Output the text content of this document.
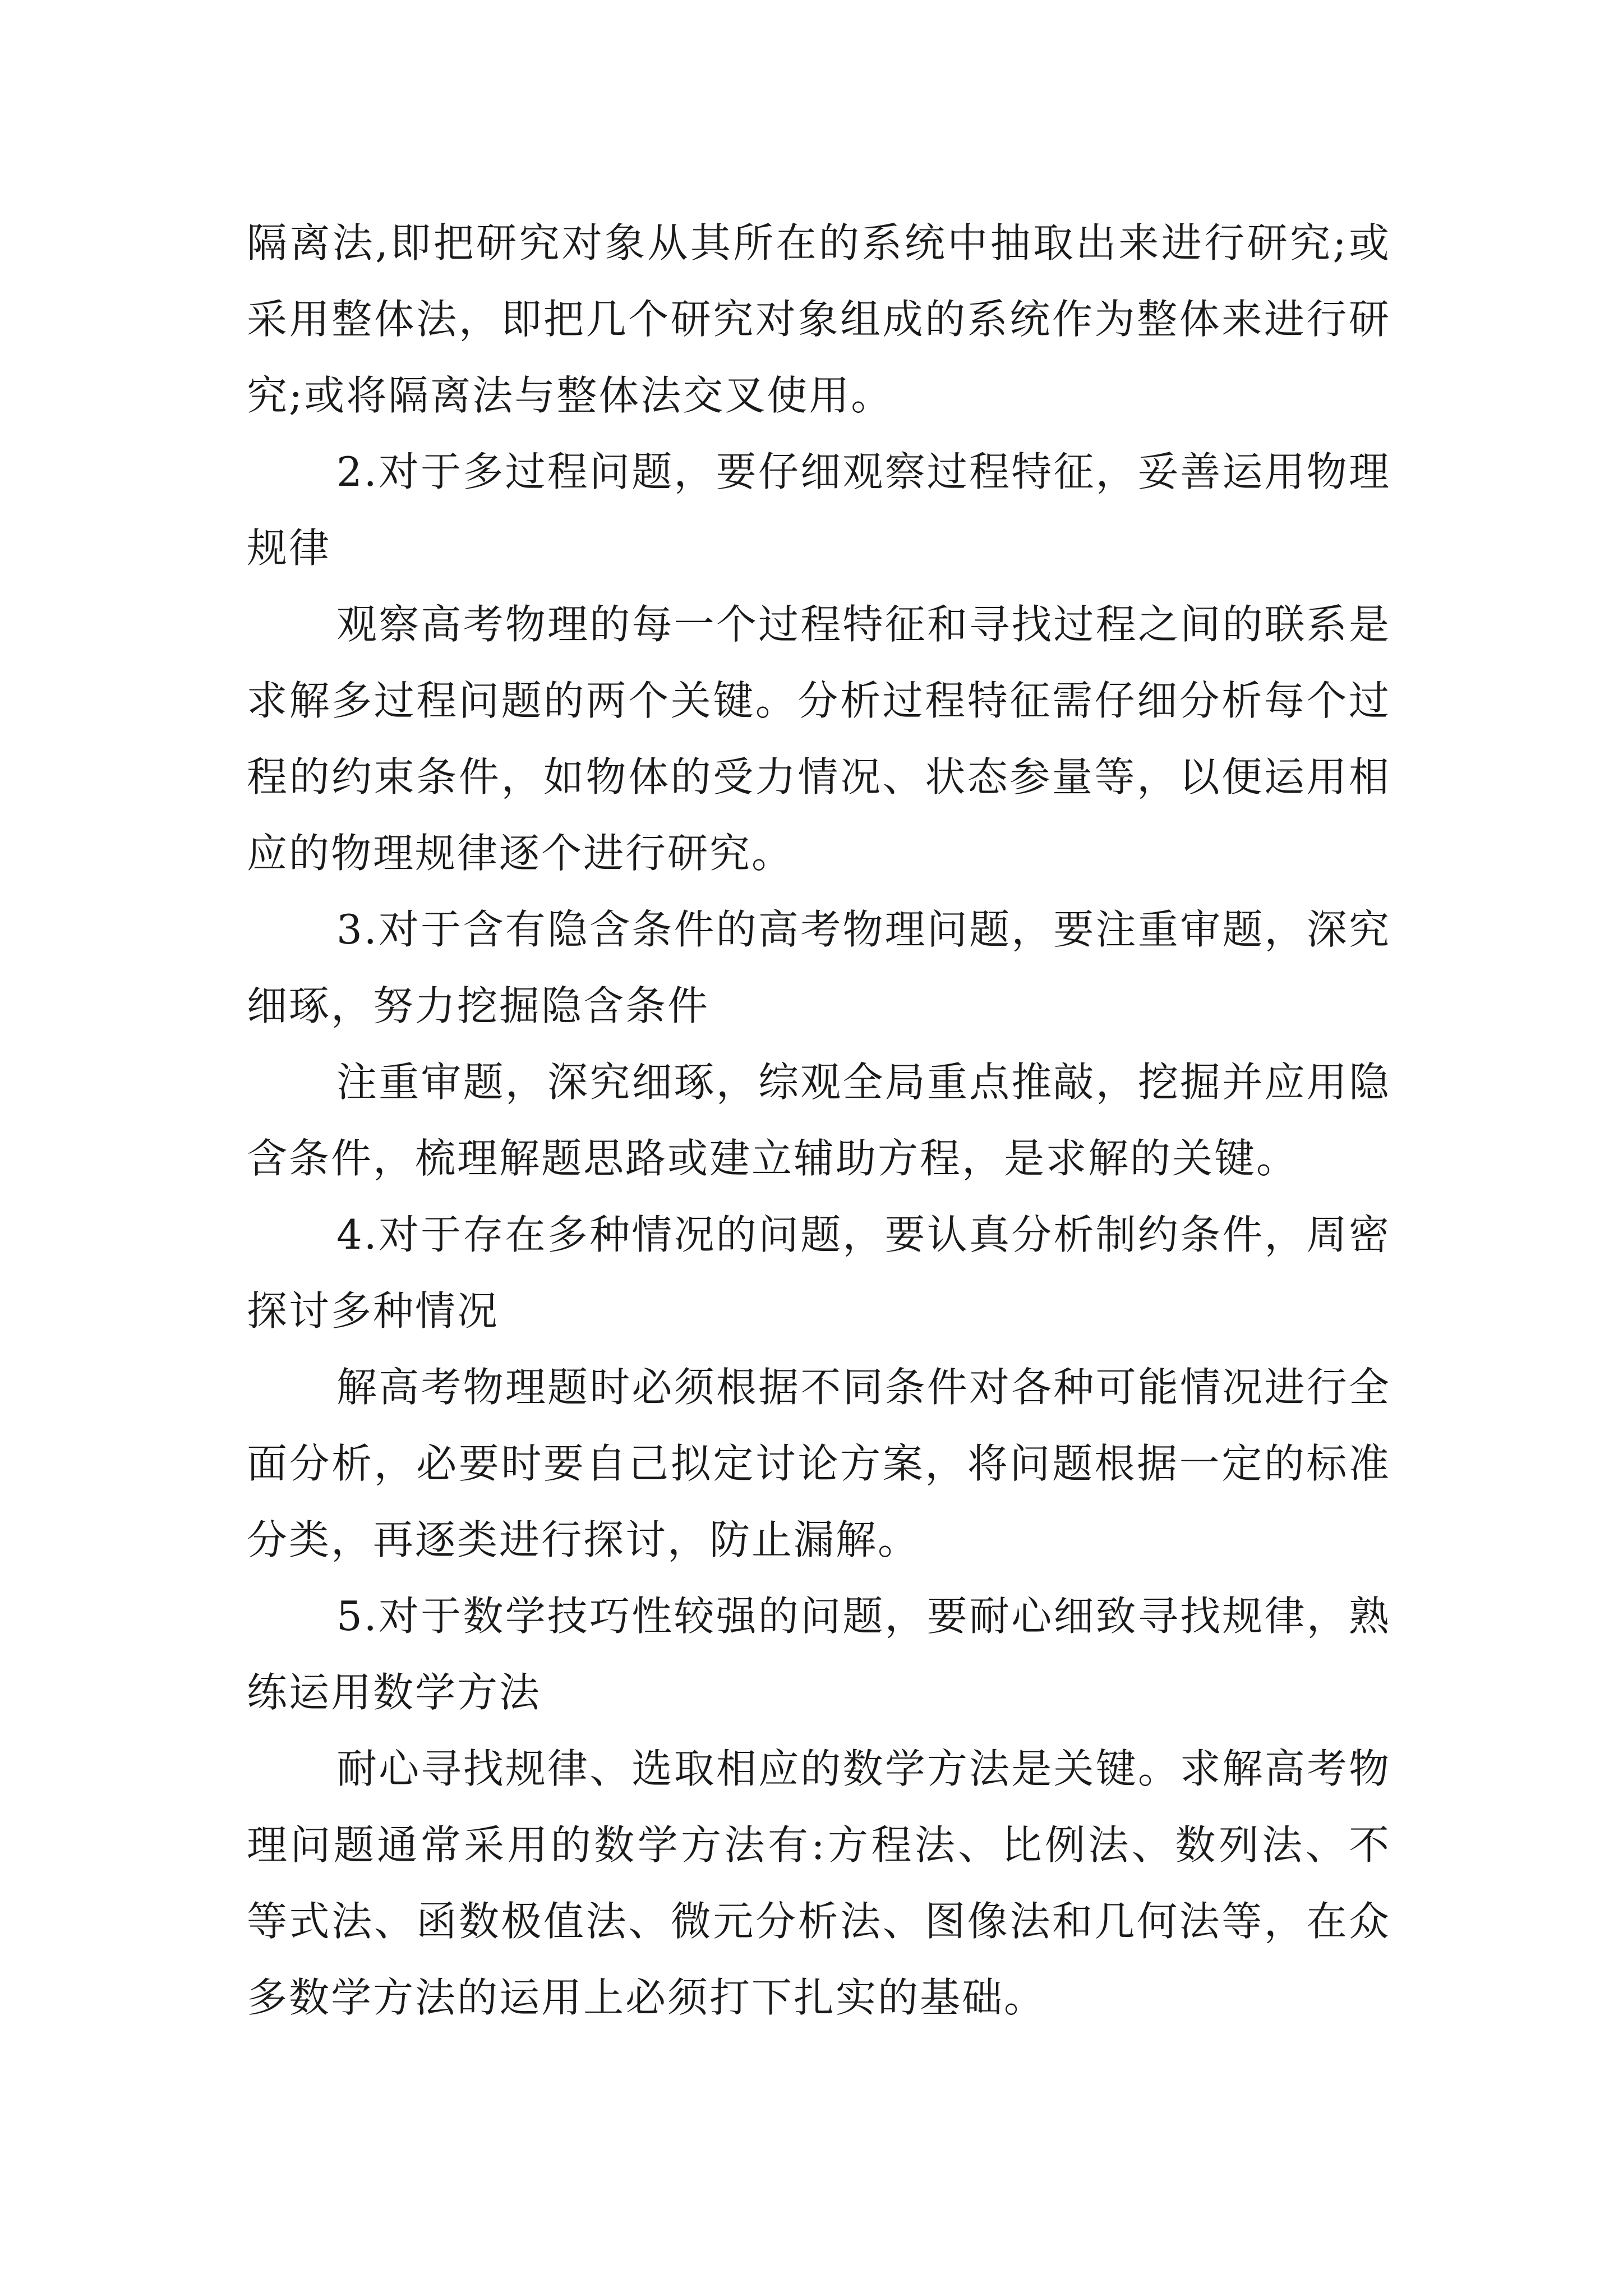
隔离法,即把研究对象从其所在的系统中抽取出来进行研究;或采用整体法，即把几个研究对象组成的系统作为整体来进行研究;或将隔离法与整体法交叉使用。

2.对于多过程问题，要仔细观察过程特征，妥善运用物理规律

观察高考物理的每一个过程特征和寻找过程之间的联系是求解多过程问题的两个关键。分析过程特征需仔细分析每个过程的约束条件，如物体的受力情况、状态参量等，以便运用相应的物理规律逐个进行研究。

3.对于含有隐含条件的高考物理问题，要注重审题，深究细琢，努力挖掘隐含条件

注重审题，深究细琢，综观全局重点推敲，挖掘并应用隐含条件，梳理解题思路或建立辅助方程，是求解的关键。

4.对于存在多种情况的问题，要认真分析制约条件，周密探讨多种情况

解高考物理题时必须根据不同条件对各种可能情况进行全面分析，必要时要自己拟定讨论方案，将问题根据一定的标准分类，再逐类进行探讨，防止漏解。

5.对于数学技巧性较强的问题，要耐心细致寻找规律，熟练运用数学方法

耐心寻找规律、选取相应的数学方法是关键。求解高考物理问题通常采用的数学方法有:方程法、比例法、数列法、不等式法、函数极值法、微元分析法、图像法和几何法等，在众多数学方法的运用上必须打下扎实的基础。
